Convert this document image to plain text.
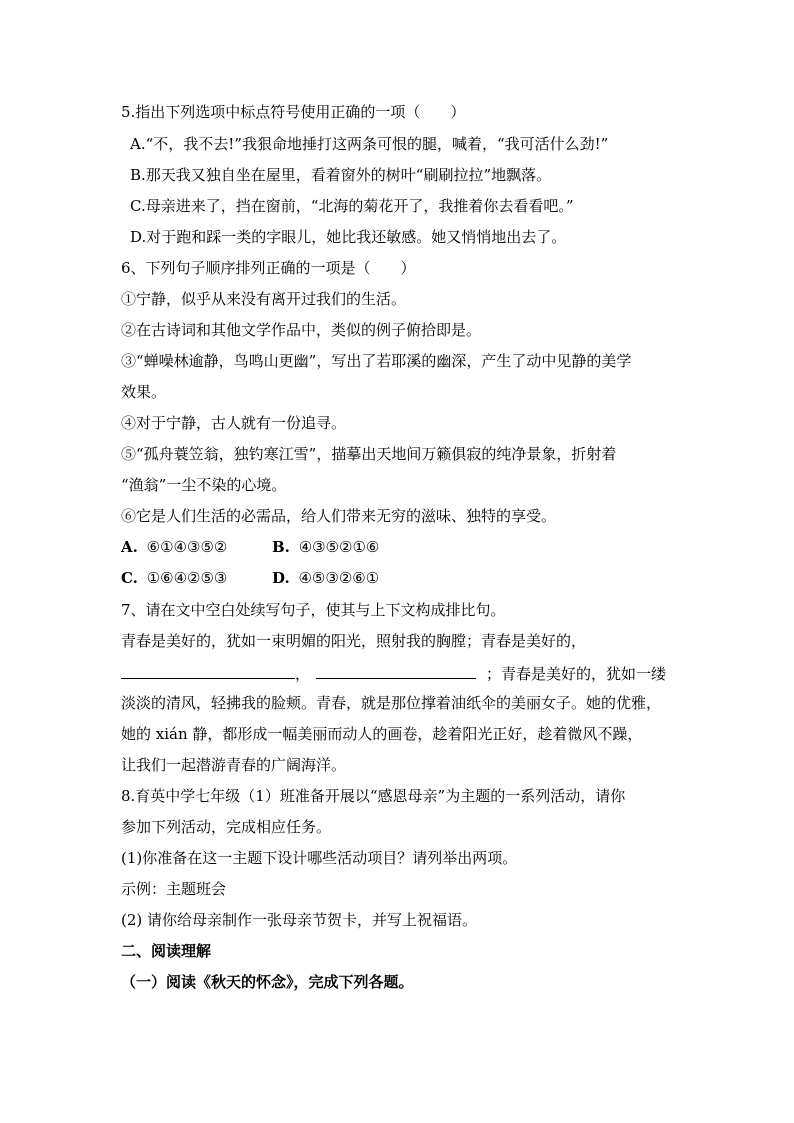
5.指出下列选项中标点符号使用正确的一项（　　）
A.“不，我不去!”我狠命地捶打这两条可恨的腿，喊着，“我可活什么劲!”
B.那天我又独自坐在屋里，看着窗外的树叶“刷刷拉拉”地飘落。
C.母亲进来了，挡在窗前，“北海的菊花开了，我推着你去看看吧。”
D.对于跑和踩一类的字眼儿，她比我还敏感。她又悄悄地出去了。
6、下列句子顺序排列正确的一项是（　　）
①宁静，似乎从来没有离开过我们的生活。
②在古诗词和其他文学作品中，类似的例子俯拾即是。
③“蝉噪林逾静，鸟鸣山更幽”，写出了若耶溪的幽深，产生了动中见静的美学
效果。
④对于宁静，古人就有一份追寻。
⑤“孤舟蓑笠翁，独钓寒江雪”，描摹出天地间万籁俱寂的纯净景象，折射着
“渔翁”一尘不染的心境。
⑥它是人们生活的必需品，给人们带来无穷的滋味、独特的享受。
A. ⑥①④③⑤②	B. ④③⑤②①⑥
C. ①⑥④②⑤③	D. ④⑤③②⑥①
7、请在文中空白处续写句子，使其与上下文构成排比句。
青春是美好的，犹如一束明媚的阳光，照射我的胸膛；青春是美好的，
，	；青春是美好的，犹如一缕
淡淡的清风，轻拂我的脸颊。青春，就是那位撑着油纸伞的美丽女子。她的优雅，
她的 xián 静，都形成一幅美丽而动人的画卷，趁着阳光正好，趁着微风不躁，
让我们一起潜游青春的广阔海洋。
8.育英中学七年级（1）班准备开展以“感恩母亲”为主题的一系列活动，请你
参加下列活动，完成相应任务。
(1)你准备在这一主题下设计哪些活动项目？请列举出两项。
示例：主题班会
(2) 请你给母亲制作一张母亲节贺卡，并写上祝福语。
二、阅读理解
（一）阅读《秋天的怀念》，完成下列各题。
